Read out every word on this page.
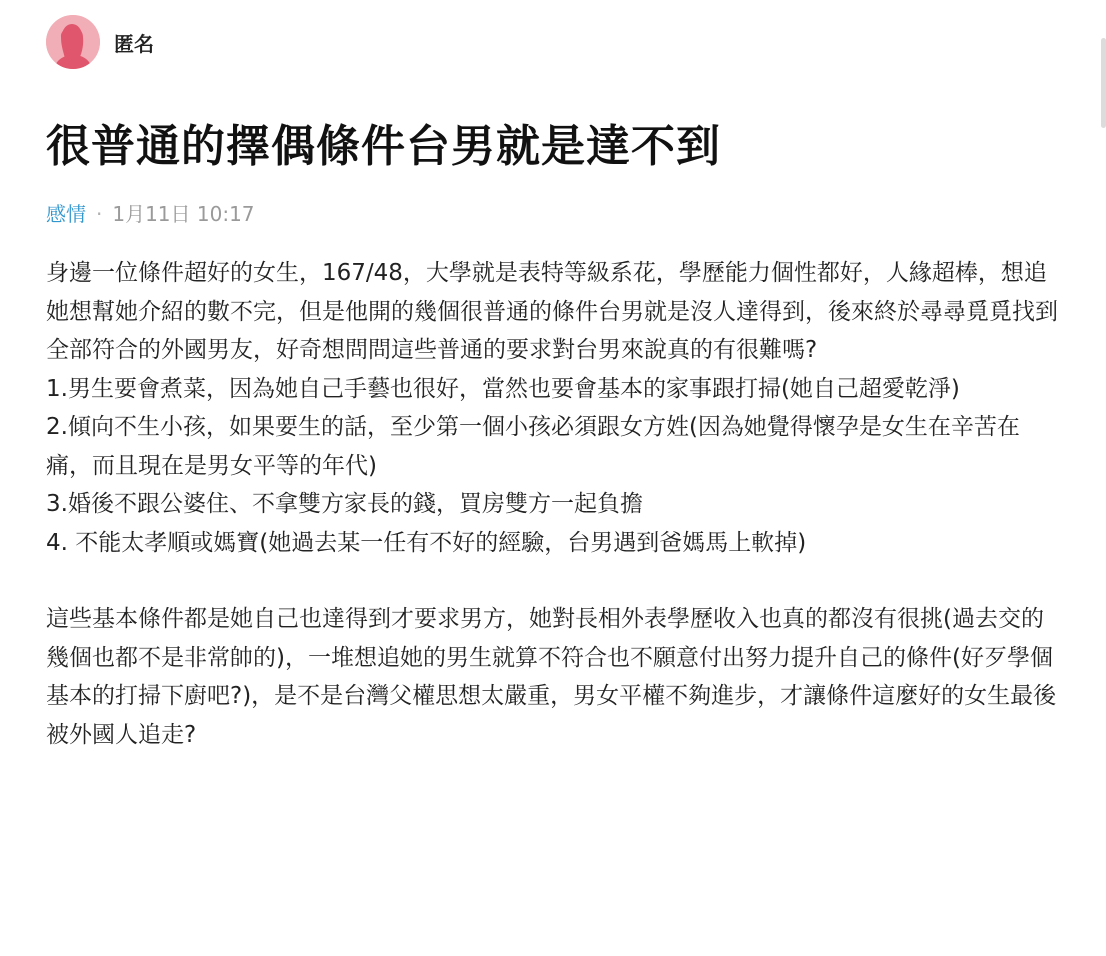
匿名
很普通的擇偶條件台男就是達不到
感情 · 1月11日 10:17

身邊一位條件超好的女生，167/48，大學就是表特等級系花，學歷能力個性都好，人緣超棒，想追她想幫她介紹的數不完，但是他開的幾個很普通的條件台男就是沒人達得到，後來終於尋尋覓覓找到全部符合的外國男友，好奇想問問這些普通的要求對台男來說真的有很難嗎?

1.男生要會煮菜，因為她自己手藝也很好，當然也要會基本的家事跟打掃(她自己超愛乾淨)

2.傾向不生小孩，如果要生的話，至少第一個小孩必須跟女方姓(因為她覺得懷孕是女生在辛苦在痛，而且現在是男女平等的年代)

3.婚後不跟公婆住、不拿雙方家長的錢，買房雙方一起負擔

4. 不能太孝順或媽寶(她過去某一任有不好的經驗，台男遇到爸媽馬上軟掉)

這些基本條件都是她自己也達得到才要求男方，她對長相外表學歷收入也真的都沒有很挑(過去交的幾個也都不是非常帥的)，一堆想追她的男生就算不符合也不願意付出努力提升自己的條件(好歹學個基本的打掃下廚吧?)，是不是台灣父權思想太嚴重，男女平權不夠進步，才讓條件這麼好的女生最後被外國人追走?
